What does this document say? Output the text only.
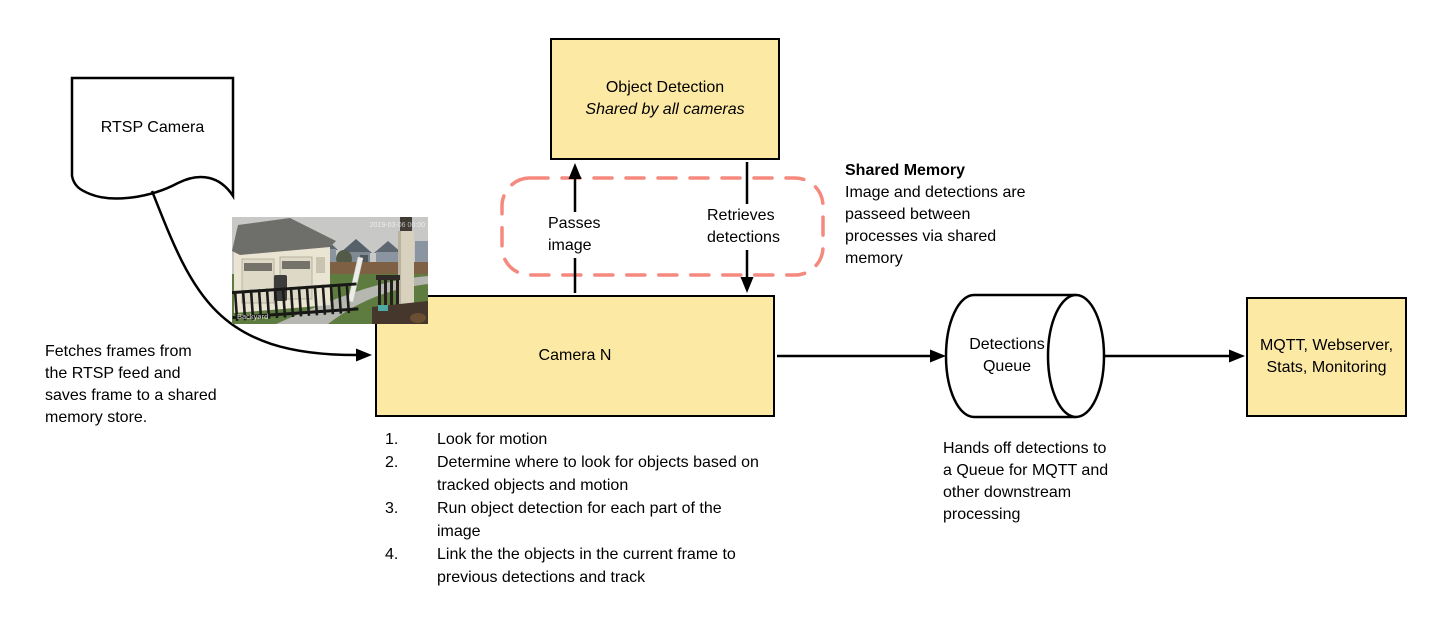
RTSP Camera
Fetches frames from the RTSP feed and saves frame to a shared memory store.
Object Detection
Shared by all cameras
Passes image
Retrieves detections
Shared Memory
Image and detections are passeed between processes via shared memory
Camera N
1. Look for motion
2. Determine where to look for objects based on tracked objects and motion
3. Run object detection for each part of the image
4. Link the the objects in the current frame to previous detections and track
Detections Queue
Hands off detections to a Queue for MQTT and other downstream processing
MQTT, Webserver, Stats, Monitoring
2019-03-06 00:00
Backyard
